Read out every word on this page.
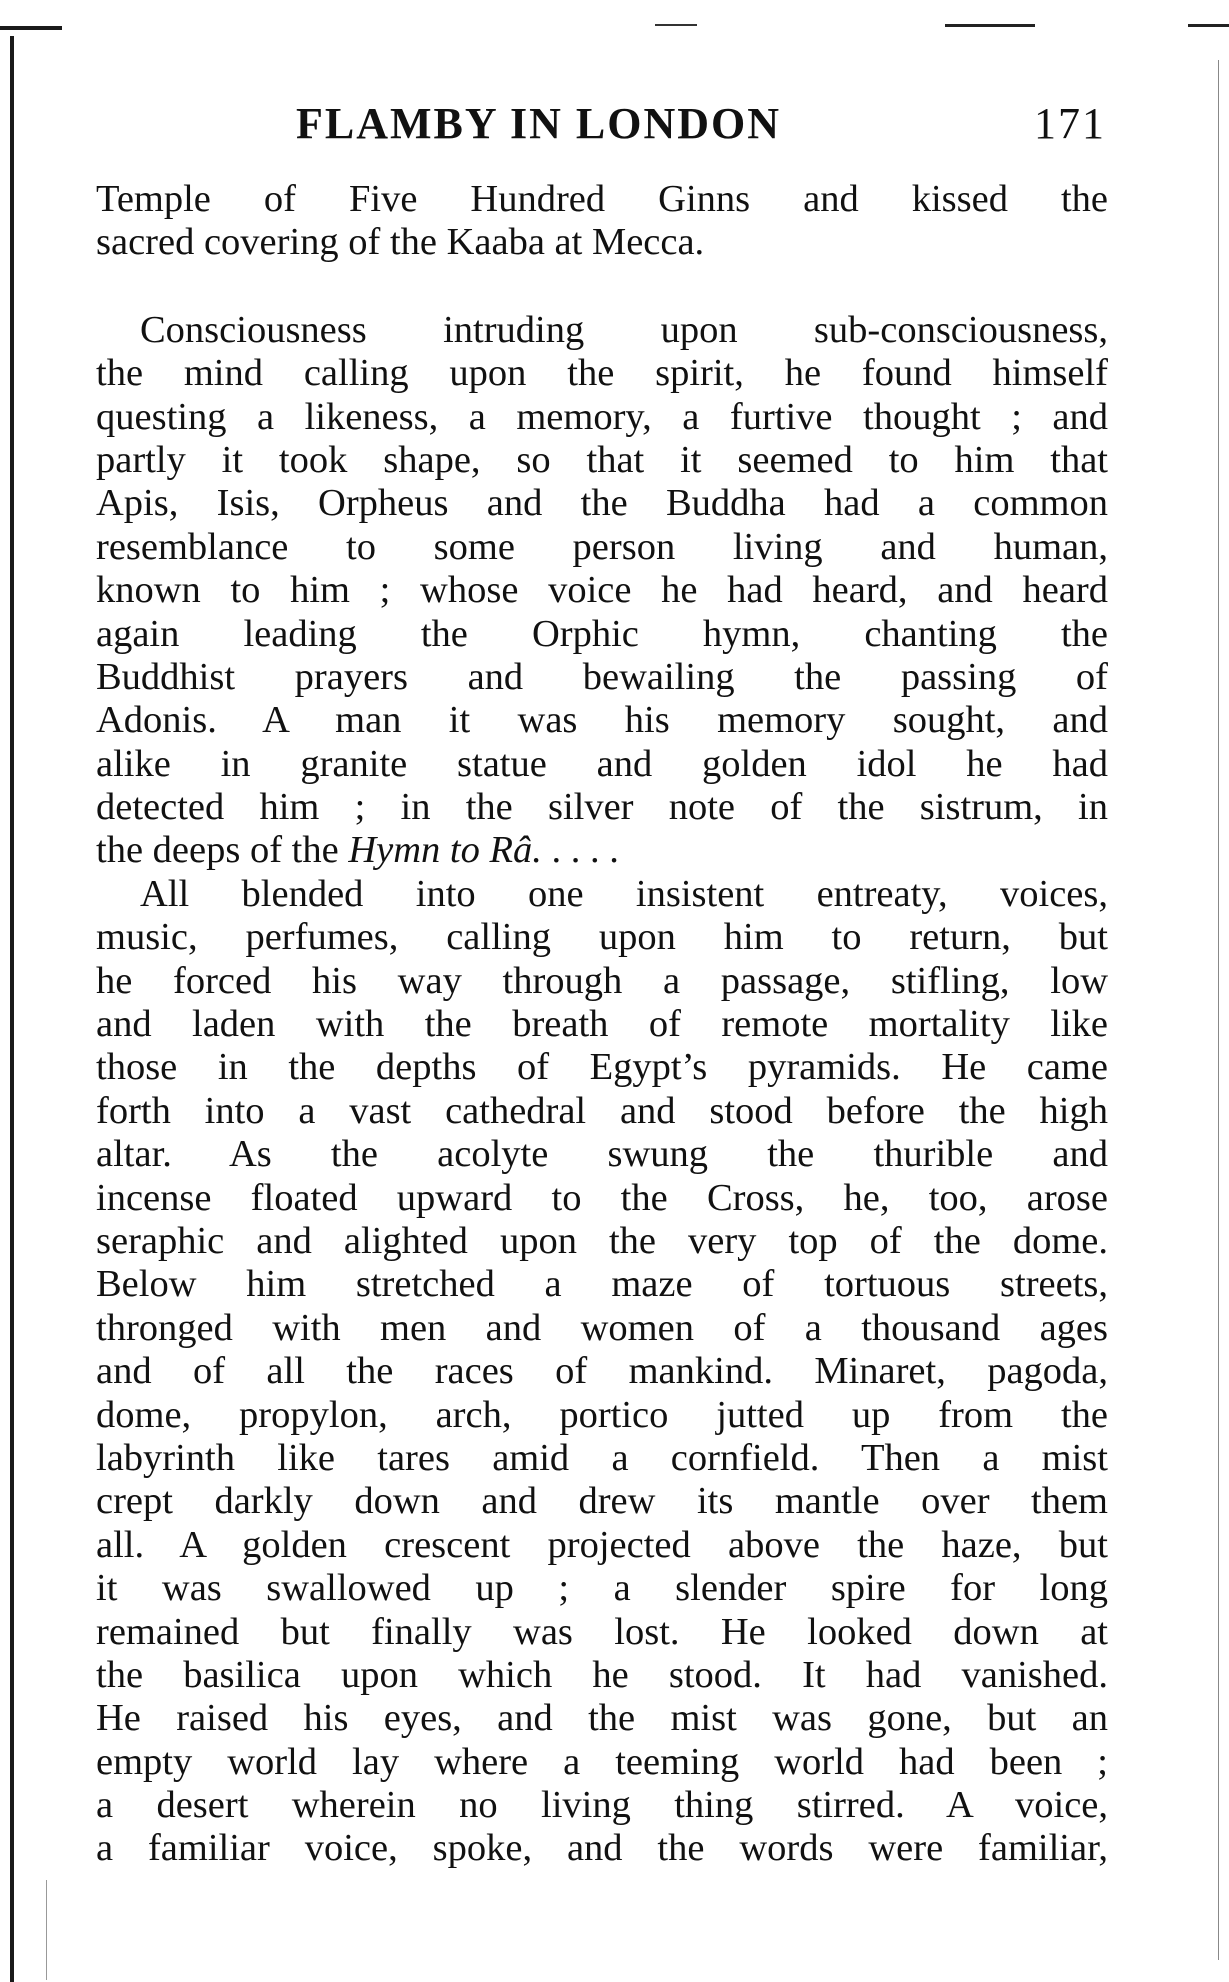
FLAMBY IN LONDON	171
Temple of Five Hundred Ginns and kissed the
sacred covering of the Kaaba at Mecca.
Consciousness intruding upon sub-consciousness,
the mind calling upon the spirit, he found himself
questing a likeness, a memory, a furtive thought ; and
partly it took shape, so that it seemed to him that
Apis, Isis, Orpheus and the Buddha had a common
resemblance to some person living and human,
known to him ; whose voice he had heard, and heard
again leading the Orphic hymn, chanting the
Buddhist prayers and bewailing the passing of
Adonis. A man it was his memory sought, and
alike in granite statue and golden idol he had
detected him ; in the silver note of the sistrum, in
the deeps of the Hymn to Râ. . . . .
All blended into one insistent entreaty, voices,
music, perfumes, calling upon him to return, but
he forced his way through a passage, stifling, low
and laden with the breath of remote mortality like
those in the depths of Egypt’s pyramids. He came
forth into a vast cathedral and stood before the high
altar. As the acolyte swung the thurible and
incense floated upward to the Cross, he, too, arose
seraphic and alighted upon the very top of the dome.
Below him stretched a maze of tortuous streets,
thronged with men and women of a thousand ages
and of all the races of mankind. Minaret, pagoda,
dome, propylon, arch, portico jutted up from the
labyrinth like tares amid a cornfield. Then a mist
crept darkly down and drew its mantle over them
all. A golden crescent projected above the haze, but
it was swallowed up ; a slender spire for long
remained but finally was lost. He looked down at
the basilica upon which he stood. It had vanished.
He raised his eyes, and the mist was gone, but an
empty world lay where a teeming world had been ;
a desert wherein no living thing stirred. A voice,
a familiar voice, spoke, and the words were familiar,
